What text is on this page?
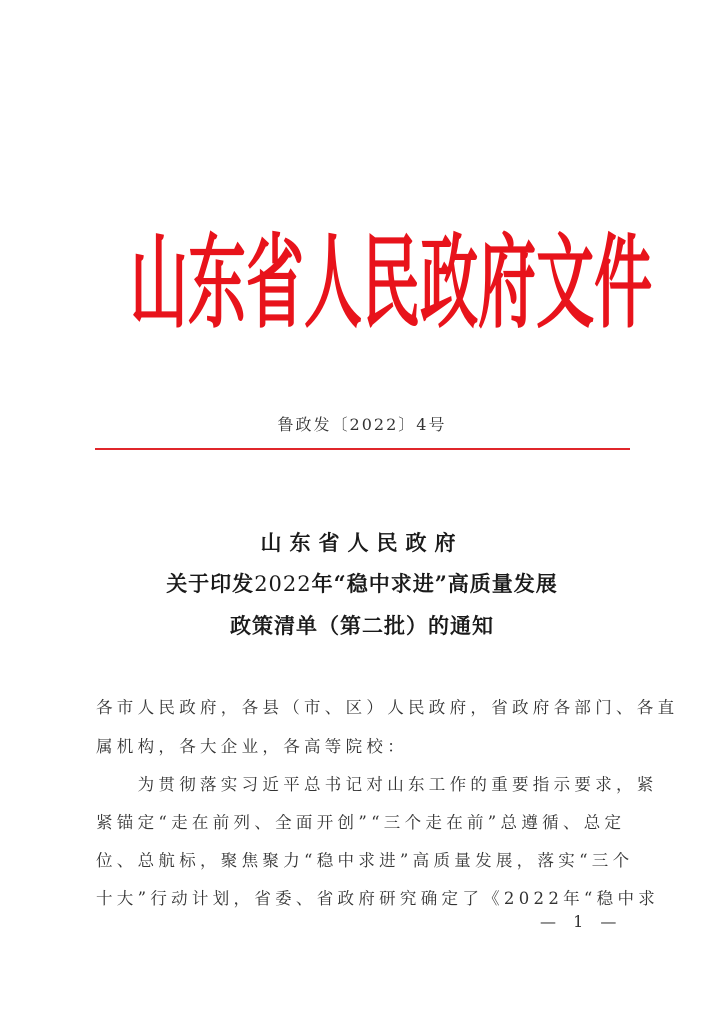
山 东 省 人 民 政 府 文 件
鲁政发〔2022〕4号
山东省人民政府
关于印发2022年“稳中求进”高质量发展
政策清单（第二批）的通知
各市人民政府，各县（市、区）人民政府，省政府各部门、各直
属机构，各大企业，各高等院校：
　　为贯彻落实习近平总书记对山东工作的重要指示要求，紧
紧锚定“走在前列、全面开创”“三个走在前”总遵循、总定
位、总航标，聚焦聚力“稳中求进”高质量发展，落实“三个
十大”行动计划，省委、省政府研究确定了《2022年“稳中求
— 1 —
